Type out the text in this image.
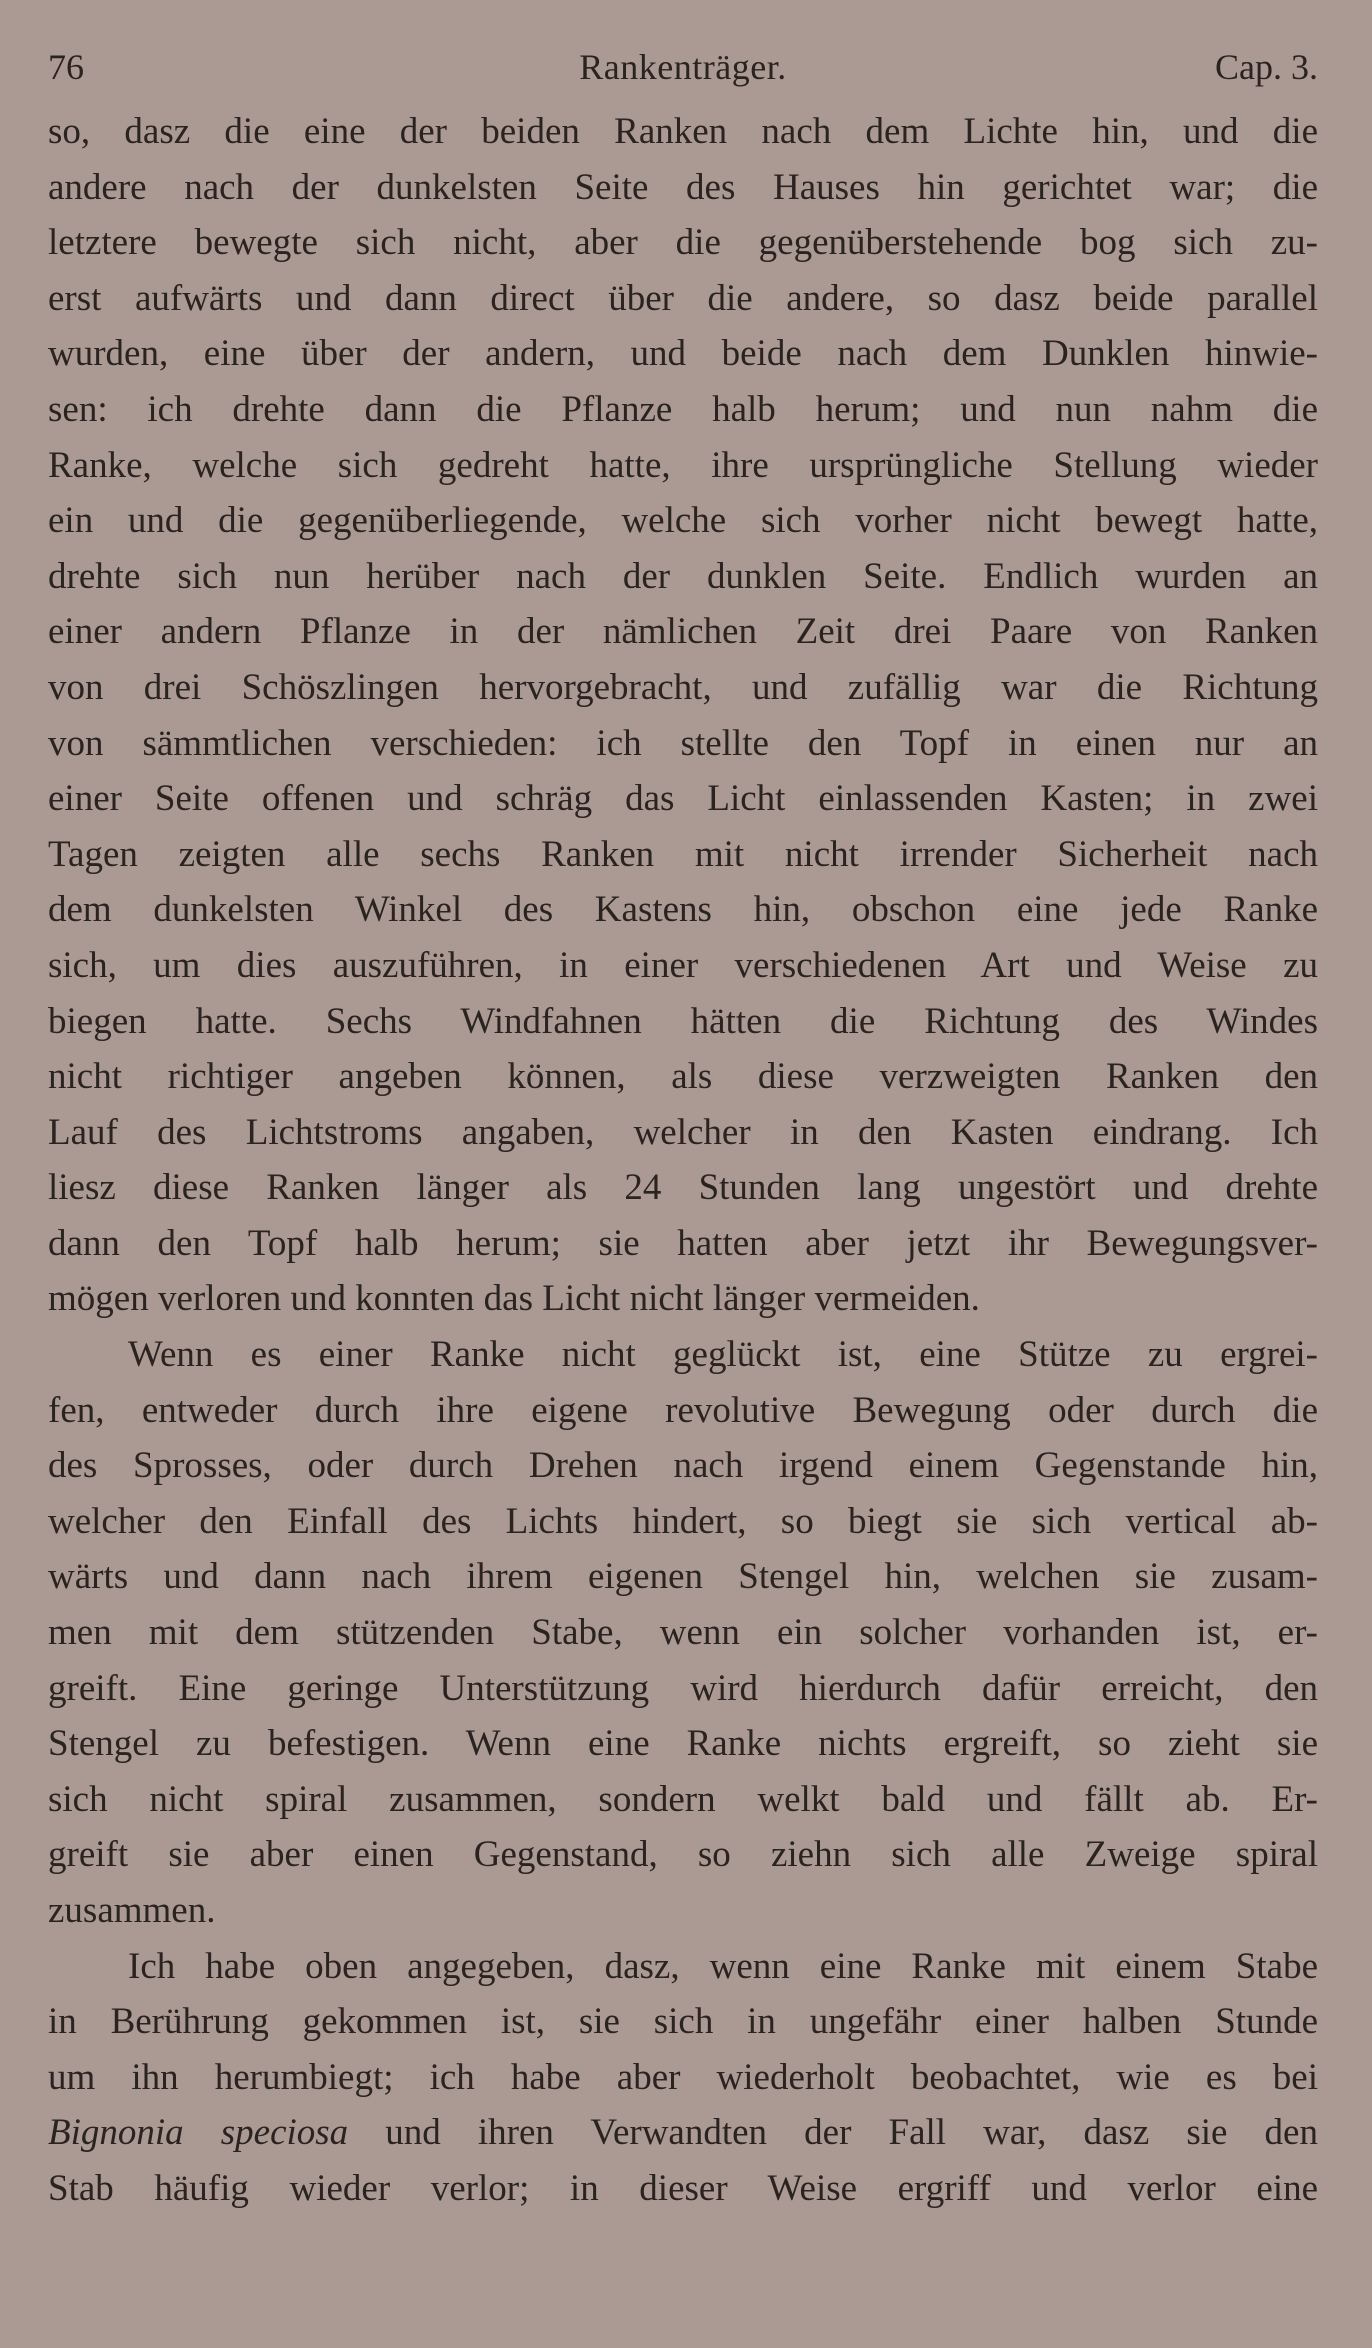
76	Rankenträger.	Cap. 3.

so, dasz die eine der beiden Ranken nach dem Lichte hin, und die
andere nach der dunkelsten Seite des Hauses hin gerichtet war; die
letztere bewegte sich nicht, aber die gegenüberstehende bog sich zu-
erst aufwärts und dann direct über die andere, so dasz beide parallel
wurden, eine über der andern, und beide nach dem Dunklen hinwie-
sen: ich drehte dann die Pflanze halb herum; und nun nahm die
Ranke, welche sich gedreht hatte, ihre ursprüngliche Stellung wieder
ein und die gegenüberliegende, welche sich vorher nicht bewegt hatte,
drehte sich nun herüber nach der dunklen Seite. Endlich wurden an
einer andern Pflanze in der nämlichen Zeit drei Paare von Ranken
von drei Schöszlingen hervorgebracht, und zufällig war die Richtung
von sämmtlichen verschieden: ich stellte den Topf in einen nur an
einer Seite offenen und schräg das Licht einlassenden Kasten; in zwei
Tagen zeigten alle sechs Ranken mit nicht irrender Sicherheit nach
dem dunkelsten Winkel des Kastens hin, obschon eine jede Ranke
sich, um dies auszuführen, in einer verschiedenen Art und Weise zu
biegen hatte. Sechs Windfahnen hätten die Richtung des Windes
nicht richtiger angeben können, als diese verzweigten Ranken den
Lauf des Lichtstroms angaben, welcher in den Kasten eindrang. Ich
liesz diese Ranken länger als 24 Stunden lang ungestört und drehte
dann den Topf halb herum; sie hatten aber jetzt ihr Bewegungsver-
mögen verloren und konnten das Licht nicht länger vermeiden.

Wenn es einer Ranke nicht geglückt ist, eine Stütze zu ergrei-
fen, entweder durch ihre eigene revolutive Bewegung oder durch die
des Sprosses, oder durch Drehen nach irgend einem Gegenstande hin,
welcher den Einfall des Lichts hindert, so biegt sie sich vertical ab-
wärts und dann nach ihrem eigenen Stengel hin, welchen sie zusam-
men mit dem stützenden Stabe, wenn ein solcher vorhanden ist, er-
greift. Eine geringe Unterstützung wird hierdurch dafür erreicht, den
Stengel zu befestigen. Wenn eine Ranke nichts ergreift, so zieht sie
sich nicht spiral zusammen, sondern welkt bald und fällt ab. Er-
greift sie aber einen Gegenstand, so ziehn sich alle Zweige spiral
zusammen.

Ich habe oben angegeben, dasz, wenn eine Ranke mit einem Stabe
in Berührung gekommen ist, sie sich in ungefähr einer halben Stunde
um ihn herumbiegt; ich habe aber wiederholt beobachtet, wie es bei
Bignonia speciosa und ihren Verwandten der Fall war, dasz sie den
Stab häufig wieder verlor; in dieser Weise ergriff und verlor eine
